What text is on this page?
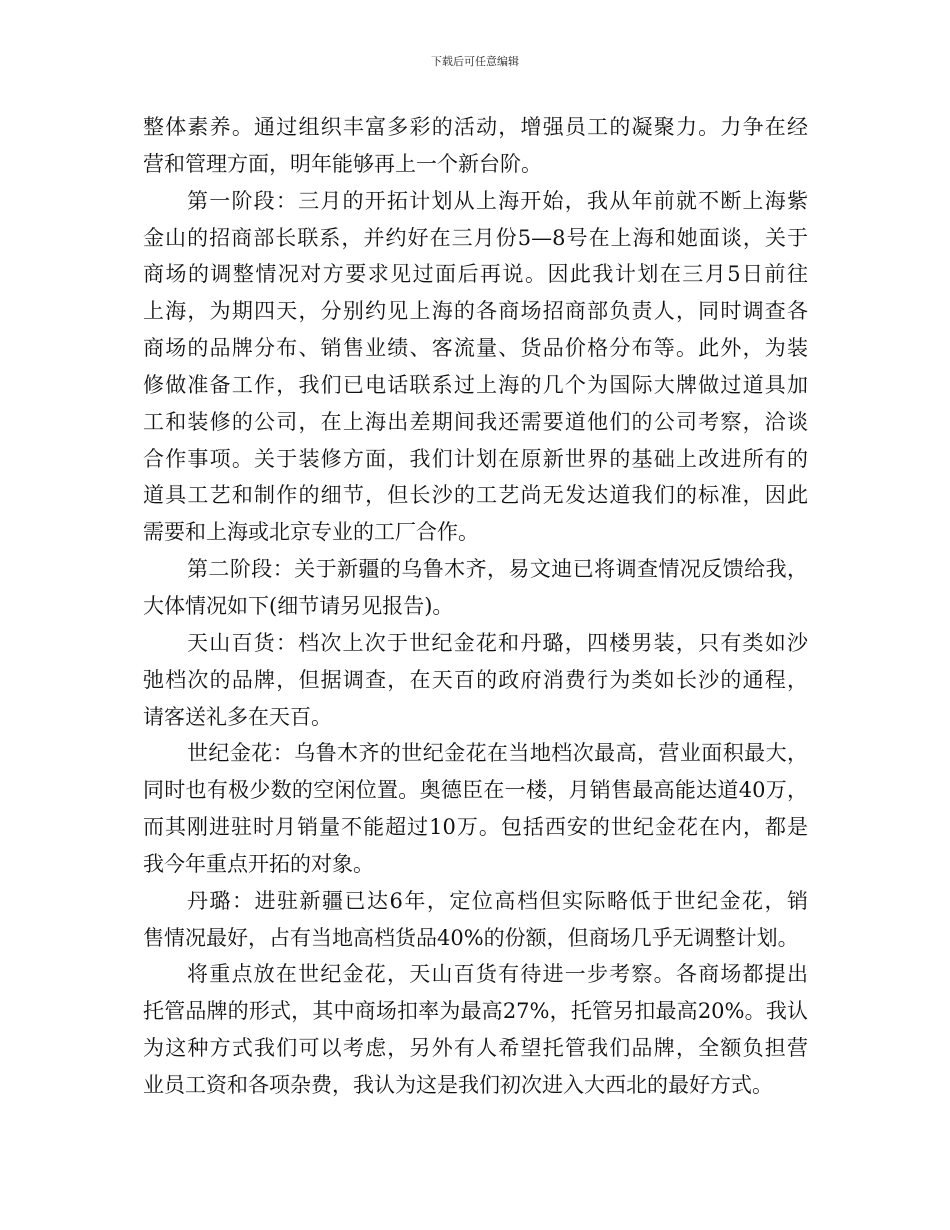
下载后可任意编辑
整体素养。通过组织丰富多彩的活动，增强员工的凝聚力。力争在经
营和管理方面，明年能够再上一个新台阶。
第一阶段：三月的开拓计划从上海开始，我从年前就不断上海紫
金山的招商部长联系，并约好在三月份5—8号在上海和她面谈，关于
商场的调整情况对方要求见过面后再说。因此我计划在三月5日前往
上海，为期四天，分别约见上海的各商场招商部负责人，同时调查各
商场的品牌分布、销售业绩、客流量、货品价格分布等。此外，为装
修做准备工作，我们已电话联系过上海的几个为国际大牌做过道具加
工和装修的公司，在上海出差期间我还需要道他们的公司考察，洽谈
合作事项。关于装修方面，我们计划在原新世界的基础上改进所有的
道具工艺和制作的细节，但长沙的工艺尚无发达道我们的标准，因此
需要和上海或北京专业的工厂合作。
第二阶段：关于新疆的乌鲁木齐，易文迪已将调查情况反馈给我，
大体情况如下(细节请另见报告)。
天山百货：档次上次于世纪金花和丹璐，四楼男装，只有类如沙
弛档次的品牌，但据调查，在天百的政府消费行为类如长沙的通程，
请客送礼多在天百。
世纪金花：乌鲁木齐的世纪金花在当地档次最高，营业面积最大，
同时也有极少数的空闲位置。奥德臣在一楼，月销售最高能达道40万，
而其刚进驻时月销量不能超过10万。包括西安的世纪金花在内，都是
我今年重点开拓的对象。
丹璐：进驻新疆已达6年，定位高档但实际略低于世纪金花，销
售情况最好，占有当地高档货品40%的份额，但商场几乎无调整计划。
将重点放在世纪金花，天山百货有待进一步考察。各商场都提出
托管品牌的形式，其中商场扣率为最高27%，托管另扣最高20%。我认
为这种方式我们可以考虑，另外有人希望托管我们品牌，全额负担营
业员工资和各项杂费，我认为这是我们初次进入大西北的最好方式。
